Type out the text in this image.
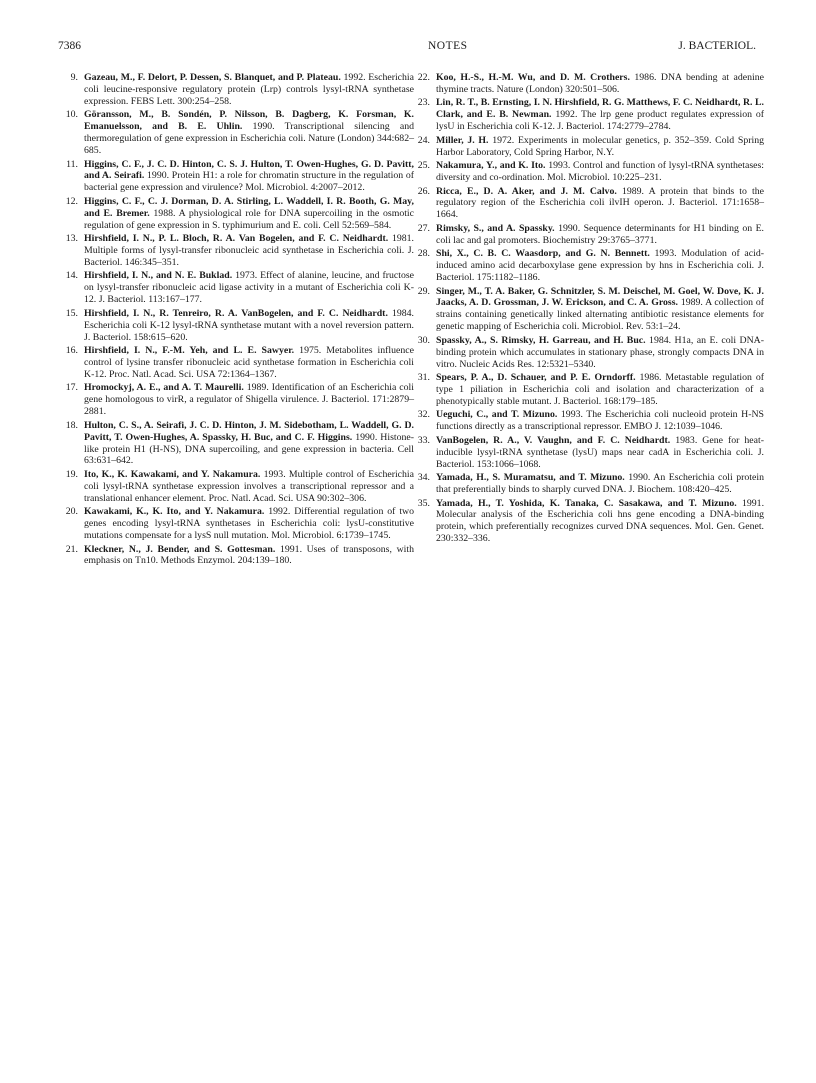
7386	NOTES	J. BACTERIOL.
9. Gazeau, M., F. Delort, P. Dessen, S. Blanquet, and P. Plateau. 1992. Escherichia coli leucine-responsive regulatory protein (Lrp) controls lysyl-tRNA synthetase expression. FEBS Lett. 300:254–258.
10. Göransson, M., B. Sondén, P. Nilsson, B. Dagberg, K. Forsman, K. Emanuelsson, and B. E. Uhlin. 1990. Transcriptional silencing and thermoregulation of gene expression in Escherichia coli. Nature (London) 344:682–685.
11. Higgins, C. F., J. C. D. Hinton, C. S. J. Hulton, T. Owen-Hughes, G. D. Pavitt, and A. Seirafi. 1990. Protein H1: a role for chromatin structure in the regulation of bacterial gene expression and virulence? Mol. Microbiol. 4:2007–2012.
12. Higgins, C. F., C. J. Dorman, D. A. Stirling, L. Waddell, I. R. Booth, G. May, and E. Bremer. 1988. A physiological role for DNA supercoiling in the osmotic regulation of gene expression in S. typhimurium and E. coli. Cell 52:569–584.
13. Hirshfield, I. N., P. L. Bloch, R. A. Van Bogelen, and F. C. Neidhardt. 1981. Multiple forms of lysyl-transfer ribonucleic acid synthetase in Escherichia coli. J. Bacteriol. 146:345–351.
14. Hirshfield, I. N., and N. E. Buklad. 1973. Effect of alanine, leucine, and fructose on lysyl-transfer ribonucleic acid ligase activity in a mutant of Escherichia coli K-12. J. Bacteriol. 113:167–177.
15. Hirshfield, I. N., R. Tenreiro, R. A. VanBogelen, and F. C. Neidhardt. 1984. Escherichia coli K-12 lysyl-tRNA synthetase mutant with a novel reversion pattern. J. Bacteriol. 158:615–620.
16. Hirshfield, I. N., F.-M. Yeh, and L. E. Sawyer. 1975. Metabolites influence control of lysine transfer ribonucleic acid synthetase formation in Escherichia coli K-12. Proc. Natl. Acad. Sci. USA 72:1364–1367.
17. Hromockyj, A. E., and A. T. Maurelli. 1989. Identification of an Escherichia coli gene homologous to virR, a regulator of Shigella virulence. J. Bacteriol. 171:2879–2881.
18. Hulton, C. S., A. Seirafi, J. C. D. Hinton, J. M. Sidebotham, L. Waddell, G. D. Pavitt, T. Owen-Hughes, A. Spassky, H. Buc, and C. F. Higgins. 1990. Histone-like protein H1 (H-NS), DNA supercoiling, and gene expression in bacteria. Cell 63:631–642.
19. Ito, K., K. Kawakami, and Y. Nakamura. 1993. Multiple control of Escherichia coli lysyl-tRNA synthetase expression involves a transcriptional repressor and a translational enhancer element. Proc. Natl. Acad. Sci. USA 90:302–306.
20. Kawakami, K., K. Ito, and Y. Nakamura. 1992. Differential regulation of two genes encoding lysyl-tRNA synthetases in Escherichia coli: lysU-constitutive mutations compensate for a lysS null mutation. Mol. Microbiol. 6:1739–1745.
21. Kleckner, N., J. Bender, and S. Gottesman. 1991. Uses of transposons, with emphasis on Tn10. Methods Enzymol. 204:139–180.
22. Koo, H.-S., H.-M. Wu, and D. M. Crothers. 1986. DNA bending at adenine thymine tracts. Nature (London) 320:501–506.
23. Lin, R. T., B. Ernsting, I. N. Hirshfield, R. G. Matthews, F. C. Neidhardt, R. L. Clark, and E. B. Newman. 1992. The lrp gene product regulates expression of lysU in Escherichia coli K-12. J. Bacteriol. 174:2779–2784.
24. Miller, J. H. 1972. Experiments in molecular genetics, p. 352–359. Cold Spring Harbor Laboratory, Cold Spring Harbor, N.Y.
25. Nakamura, Y., and K. Ito. 1993. Control and function of lysyl-tRNA synthetases: diversity and co-ordination. Mol. Microbiol. 10:225–231.
26. Ricca, E., D. A. Aker, and J. M. Calvo. 1989. A protein that binds to the regulatory region of the Escherichia coli ilvIH operon. J. Bacteriol. 171:1658–1664.
27. Rimsky, S., and A. Spassky. 1990. Sequence determinants for H1 binding on E. coli lac and gal promoters. Biochemistry 29:3765–3771.
28. Shi, X., C. B. C. Waasdorp, and G. N. Bennett. 1993. Modulation of acid-induced amino acid decarboxylase gene expression by hns in Escherichia coli. J. Bacteriol. 175:1182–1186.
29. Singer, M., T. A. Baker, G. Schnitzler, S. M. Deischel, M. Goel, W. Dove, K. J. Jaacks, A. D. Grossman, J. W. Erickson, and C. A. Gross. 1989. A collection of strains containing genetically linked alternating antibiotic resistance elements for genetic mapping of Escherichia coli. Microbiol. Rev. 53:1–24.
30. Spassky, A., S. Rimsky, H. Garreau, and H. Buc. 1984. H1a, an E. coli DNA-binding protein which accumulates in stationary phase, strongly compacts DNA in vitro. Nucleic Acids Res. 12:5321–5340.
31. Spears, P. A., D. Schauer, and P. E. Orndorff. 1986. Metastable regulation of type 1 piliation in Escherichia coli and isolation and characterization of a phenotypically stable mutant. J. Bacteriol. 168:179–185.
32. Ueguchi, C., and T. Mizuno. 1993. The Escherichia coli nucleoid protein H-NS functions directly as a transcriptional repressor. EMBO J. 12:1039–1046.
33. VanBogelen, R. A., V. Vaughn, and F. C. Neidhardt. 1983. Gene for heat-inducible lysyl-tRNA synthetase (lysU) maps near cadA in Escherichia coli. J. Bacteriol. 153:1066–1068.
34. Yamada, H., S. Muramatsu, and T. Mizuno. 1990. An Escherichia coli protein that preferentially binds to sharply curved DNA. J. Biochem. 108:420–425.
35. Yamada, H., T. Yoshida, K. Tanaka, C. Sasakawa, and T. Mizuno. 1991. Molecular analysis of the Escherichia coli hns gene encoding a DNA-binding protein, which preferentially recognizes curved DNA sequences. Mol. Gen. Genet. 230:332–336.
